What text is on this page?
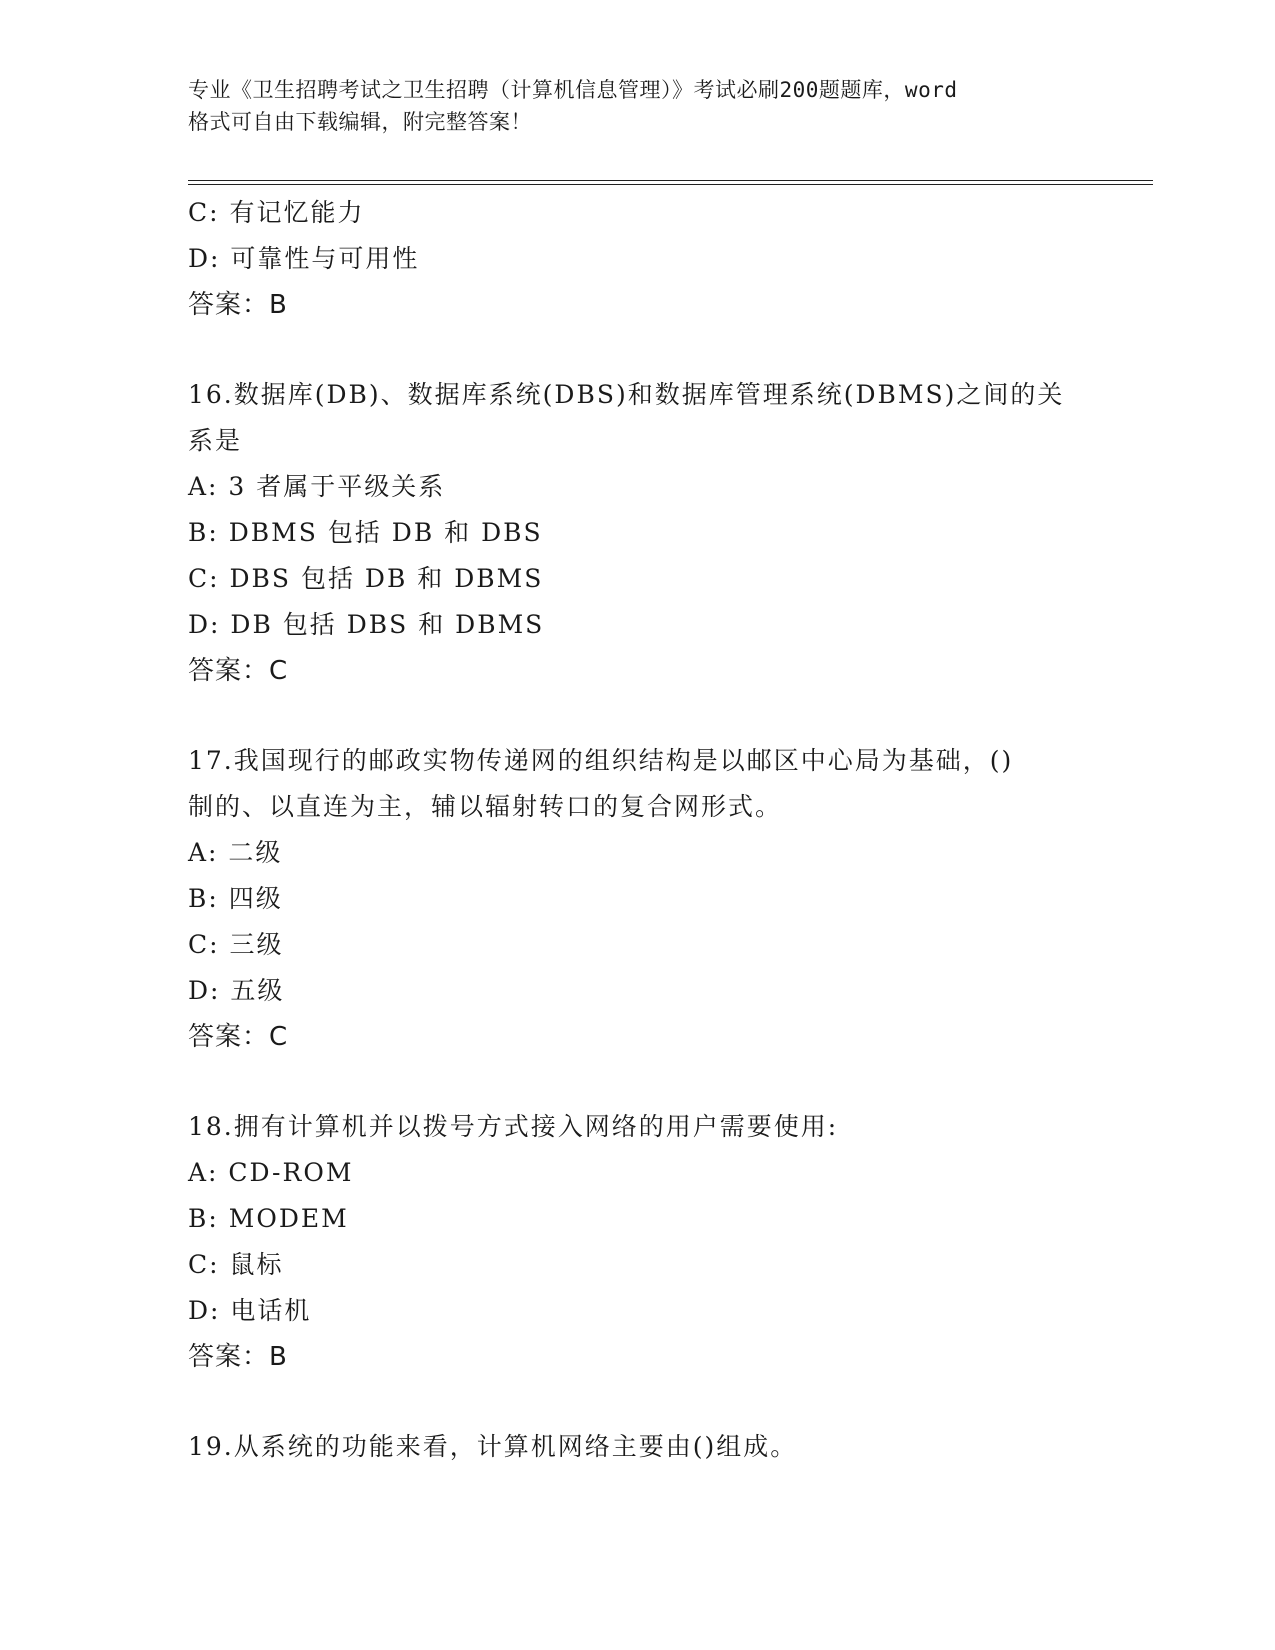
专业《卫生招聘考试之卫生招聘（计算机信息管理）》考试必刷200题题库，word
格式可自由下载编辑，附完整答案！
C: 有记忆能力
D: 可靠性与可用性
答案：B
16.数据库(DB)、数据库系统(DBS)和数据库管理系统(DBMS)之间的关
系是
A: 3 者属于平级关系
B: DBMS 包括 DB 和 DBS
C: DBS 包括 DB 和 DBMS
D: DB 包括 DBS 和 DBMS
答案：C
17.我国现行的邮政实物传递网的组织结构是以邮区中心局为基础，()
制的、以直连为主，辅以辐射转口的复合网形式。
A: 二级
B: 四级
C: 三级
D: 五级
答案：C
18.拥有计算机并以拨号方式接入网络的用户需要使用:
A: CD-ROM
B: MODEM
C: 鼠标
D: 电话机
答案：B
19.从系统的功能来看，计算机网络主要由()组成。
